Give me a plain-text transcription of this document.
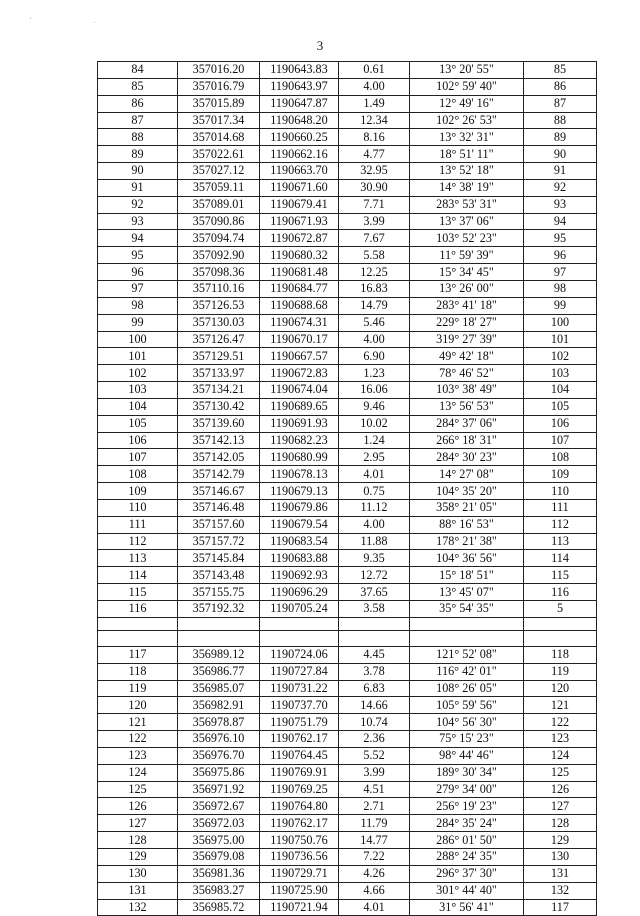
' .
3
84	357016.20	1190643.83	0.61	13° 20' 55"	85
85	357016.79	1190643.97	4.00	102° 59' 40"	86
86	357015.89	1190647.87	1.49	12° 49' 16"	87
87	357017.34	1190648.20	12.34	102° 26' 53"	88
88	357014.68	1190660.25	8.16	13° 32' 31"	89
89	357022.61	1190662.16	4.77	18° 51' 11"	90
90	357027.12	1190663.70	32.95	13° 52' 18"	91
91	357059.11	1190671.60	30.90	14° 38' 19"	92
92	357089.01	1190679.41	7.71	283° 53' 31"	93
93	357090.86	1190671.93	3.99	13° 37' 06"	94
94	357094.74	1190672.87	7.67	103° 52' 23"	95
95	357092.90	1190680.32	5.58	11° 59' 39"	96
96	357098.36	1190681.48	12.25	15° 34' 45"	97
97	357110.16	1190684.77	16.83	13° 26' 00"	98
98	357126.53	1190688.68	14.79	283° 41' 18"	99
99	357130.03	1190674.31	5.46	229° 18' 27"	100
100	357126.47	1190670.17	4.00	319° 27' 39"	101
101	357129.51	1190667.57	6.90	49° 42' 18"	102
102	357133.97	1190672.83	1.23	78° 46' 52"	103
103	357134.21	1190674.04	16.06	103° 38' 49"	104
104	357130.42	1190689.65	9.46	13° 56' 53"	105
105	357139.60	1190691.93	10.02	284° 37' 06"	106
106	357142.13	1190682.23	1.24	266° 18' 31"	107
107	357142.05	1190680.99	2.95	284° 30' 23"	108
108	357142.79	1190678.13	4.01	14° 27' 08"	109
109	357146.67	1190679.13	0.75	104° 35' 20"	110
110	357146.48	1190679.86	11.12	358° 21' 05"	111
111	357157.60	1190679.54	4.00	88° 16' 53"	112
112	357157.72	1190683.54	11.88	178° 21' 38"	113
113	357145.84	1190683.88	9.35	104° 36' 56"	114
114	357143.48	1190692.93	12.72	15° 18' 51"	115
115	357155.75	1190696.29	37.65	13° 45' 07"	116
116	357192.32	1190705.24	3.58	35° 54' 35"	5

117	356989.12	1190724.06	4.45	121° 52' 08"	118
118	356986.77	1190727.84	3.78	116° 42' 01"	119
119	356985.07	1190731.22	6.83	108° 26' 05"	120
120	356982.91	1190737.70	14.66	105° 59' 56"	121
121	356978.87	1190751.79	10.74	104° 56' 30"	122
122	356976.10	1190762.17	2.36	75° 15' 23"	123
123	356976.70	1190764.45	5.52	98° 44' 46"	124
124	356975.86	1190769.91	3.99	189° 30' 34"	125
125	356971.92	1190769.25	4.51	279° 34' 00"	126
126	356972.67	1190764.80	2.71	256° 19' 23"	127
127	356972.03	1190762.17	11.79	284° 35' 24"	128
128	356975.00	1190750.76	14.77	286° 01' 50"	129
129	356979.08	1190736.56	7.22	288° 24' 35"	130
130	356981.36	1190729.71	4.26	296° 37' 30"	131
131	356983.27	1190725.90	4.66	301° 44' 40"	132
132	356985.72	1190721.94	4.01	31° 56' 41"	117
